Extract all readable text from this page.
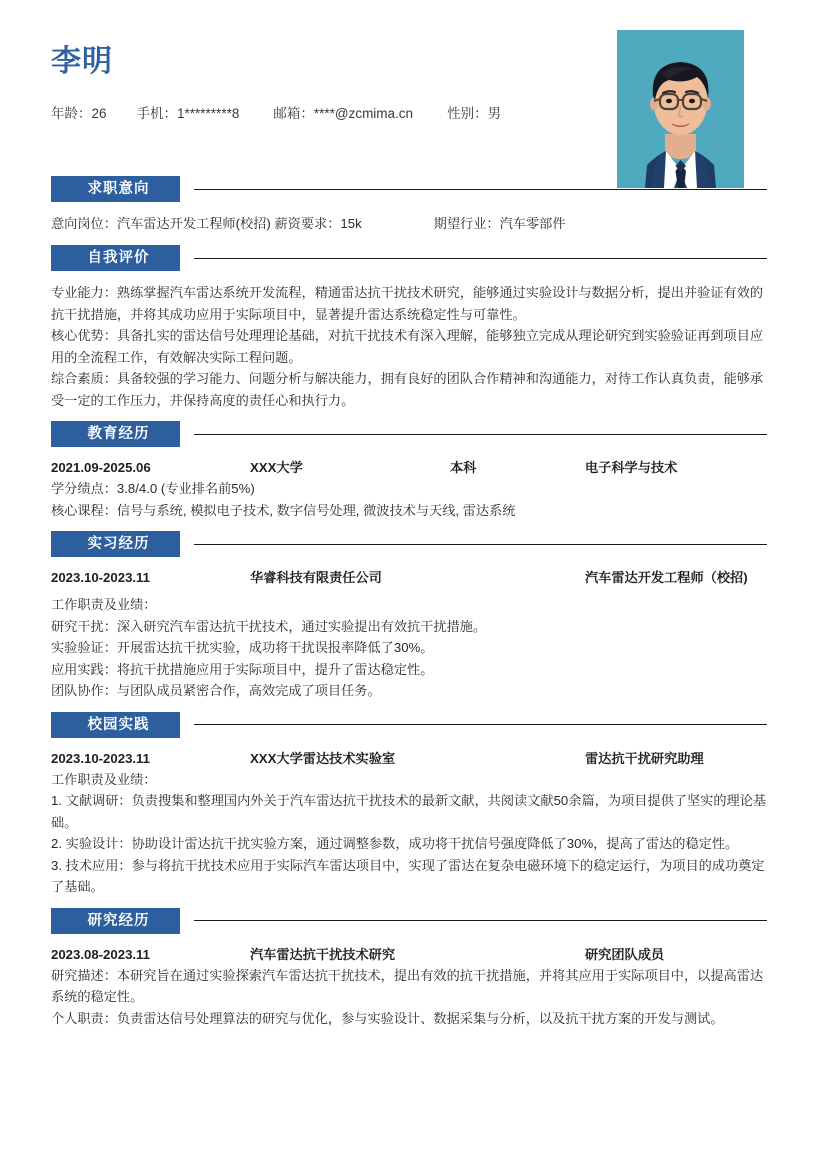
李明
年龄：26 手机：1*********8	邮箱：****@zcmima.cn	性别：男
求职意向
意向岗位： 汽车雷达开发工程师(校招)
薪资要求： 15k	期望行业： 汽车零部件
自我评价

专业能力：熟练掌握汽车雷达系统开发流程，精通雷达抗干扰技术研究，能够通过实验设计与数据分析，提出并验证有效的抗干扰措施，并将其成功应用于实际项目中，显著提升雷达系统稳定性与可靠性。

核心优势：具备扎实的雷达信号处理理论基础，对抗干扰技术有深入理解，能够独立完成从理论研究到实验验证再到项目应用的全流程工作，有效解决实际工程问题。

综合素质：具备较强的学习能力、问题分析与解决能力，拥有良好的团队合作精神和沟通能力，对待工作认真负责，能够承受一定的工作压力，并保持高度的责任心和执行力。

教育经历
2021.09-2025.06	XXX大学	本科	电子科学与技术
学分绩点：3.8/4.0 (专业排名前5%)
核心课程：信号与系统, 模拟电子技术, 数字信号处理, 微波技术与天线, 雷达系统
实习经历
2023.10-2023.11	华睿科技有限责任公司	汽车雷达开发工程师（校招)
工作职责及业绩：
研究干扰：深入研究汽车雷达抗干扰技术，通过实验提出有效抗干扰措施。
实验验证：开展雷达抗干扰实验，成功将干扰误报率降低了30%。
应用实践：将抗干扰措施应用于实际项目中，提升了雷达稳定性。
团队协作：与团队成员紧密合作，高效完成了项目任务。
校园实践
2023.10-2023.11	XXX大学雷达技术实验室	雷达抗干扰研究助理
工作职责及业绩：
1. 文献调研：负责搜集和整理国内外关于汽车雷达抗干扰技术的最新文献，共阅读文献50余篇，为项目提供了坚实的理论基础。
2. 实验设计：协助设计雷达抗干扰实验方案，通过调整参数，成功将干扰信号强度降低了30%，提高了雷达的稳定性。
3. 技术应用：参与将抗干扰技术应用于实际汽车雷达项目中，实现了雷达在复杂电磁环境下的稳定运行，为项目的成功奠定了基础。
研究经历
2023.08-2023.11	汽车雷达抗干扰技术研究	研究团队成员
研究描述：本研究旨在通过实验探索汽车雷达抗干扰技术，提出有效的抗干扰措施，并将其应用于实际项目中，以提高雷达系统的稳定性。
个人职责：负责雷达信号处理算法的研究与优化，参与实验设计、数据采集与分析，以及抗干扰方案的开发与测试。
